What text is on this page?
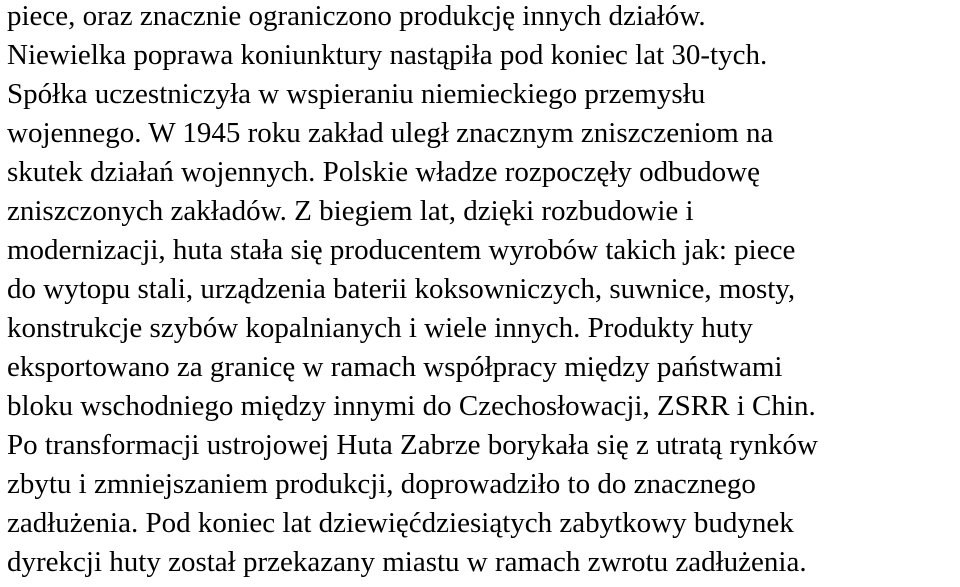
piece, oraz znacznie ograniczono produkcję innych działów.
Niewielka poprawa koniunktury nastąpiła pod koniec lat 30-tych.
Spółka uczestniczyła w wspieraniu niemieckiego przemysłu
wojennego. W 1945 roku zakład uległ znacznym zniszczeniom na
skutek działań wojennych. Polskie władze rozpoczęły odbudowę
zniszczonych zakładów. Z biegiem lat, dzięki rozbudowie i
modernizacji, huta stała się producentem wyrobów takich jak: piece
do wytopu stali, urządzenia baterii koksowniczych, suwnice, mosty,
konstrukcje szybów kopalnianych i wiele innych. Produkty huty
eksportowano za granicę w ramach współpracy między państwami
bloku wschodniego między innymi do Czechosłowacji, ZSRR i Chin.
Po transformacji ustrojowej Huta Zabrze borykała się z utratą rynków
zbytu i zmniejszaniem produkcji, doprowadziło to do znacznego
zadłużenia. Pod koniec lat dziewięćdziesiątych zabytkowy budynek
dyrekcji huty został przekazany miastu w ramach zwrotu zadłużenia.
